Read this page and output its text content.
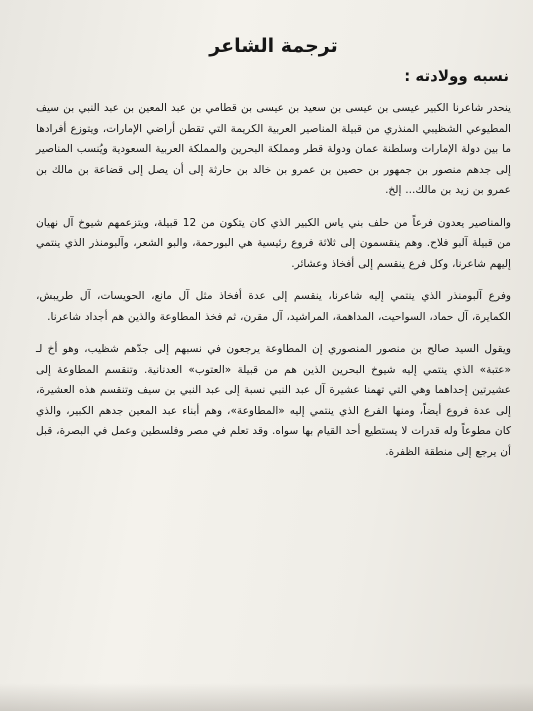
ترجمة الشاعر
نسبه وولادته :

ينحدر شاعرنا الكبير عيسى بن عيسى بن سعيد بن عيسى بن قطامي بن عبد المعين بن عبد النبي بن سيف المطيوعي الشظيبي المنذري من قبيلة المناصير العربية الكريمة التي تقطن أراضي الإمارات، ويتوزع أفرادها ما بين دولة الإمارات وسلطنة عمان ودولة قطر ومملكة البحرين والمملكة العربية السعودية ويُنسب المناصير إلى جدهم منصور بن جمهور بن حصين بن عمرو بن خالد بن حارثة إلى أن يصل إلى قضاعة بن مالك بن عمرو بن زيد بن مالك... إلخ.

والمناصير يعدون فرعاً من حلف بني ياس الكبير الذي كان يتكون من 12 قبيلة، ويتزعمهم شيوخ آل نهيان من قبيلة آلبو فلاح. وهم ينقسمون إلى ثلاثة فروع رئيسية هي البورحمة، والبو الشعر، وآلبومنذر الذي ينتمي إليهم شاعرنا، وكل فرع ينقسم إلى أفخاذ وعشائر.

وفرع آلبومنذر الذي ينتمي إليه شاعرنا، ينقسم إلى عدة أفخاذ مثل آل مانع، الحويسات، آل طريبش، الكمايرة، آل حماد، السواحيت، المداهمة، المراشيد، آل مقرن، ثم فخذ المطاوعة والذين هم أجداد شاعرنا.

ويقول السيد صالح بن منصور المنصوري إن المطاوعة يرجعون في نسبهم إلى جدّهم شظيب، وهو أخ لـ «عتبة» الذي ينتمي إليه شيوخ البحرين الذين هم من قبيلة «العتوب» العدنانية. وتنقسم المطاوعة إلى عشيرتين إحداهما وهي التي تهمنا عشيرة آل عبد النبي نسبة إلى عبد النبي بن سيف وتنقسم هذه العشيرة، إلى عدة فروع أيضاً، ومنها الفرع الذي ينتمي إليه «المطاوعة»، وهم أبناء عبد المعين جدهم الكبير، والذي كان مطوعاً وله قدرات لا يستطيع أحد القيام بها سواه. وقد تعلم في مصر وفلسطين وعمل في البصرة، قبل أن يرجع إلى منطقة الظفرة.
